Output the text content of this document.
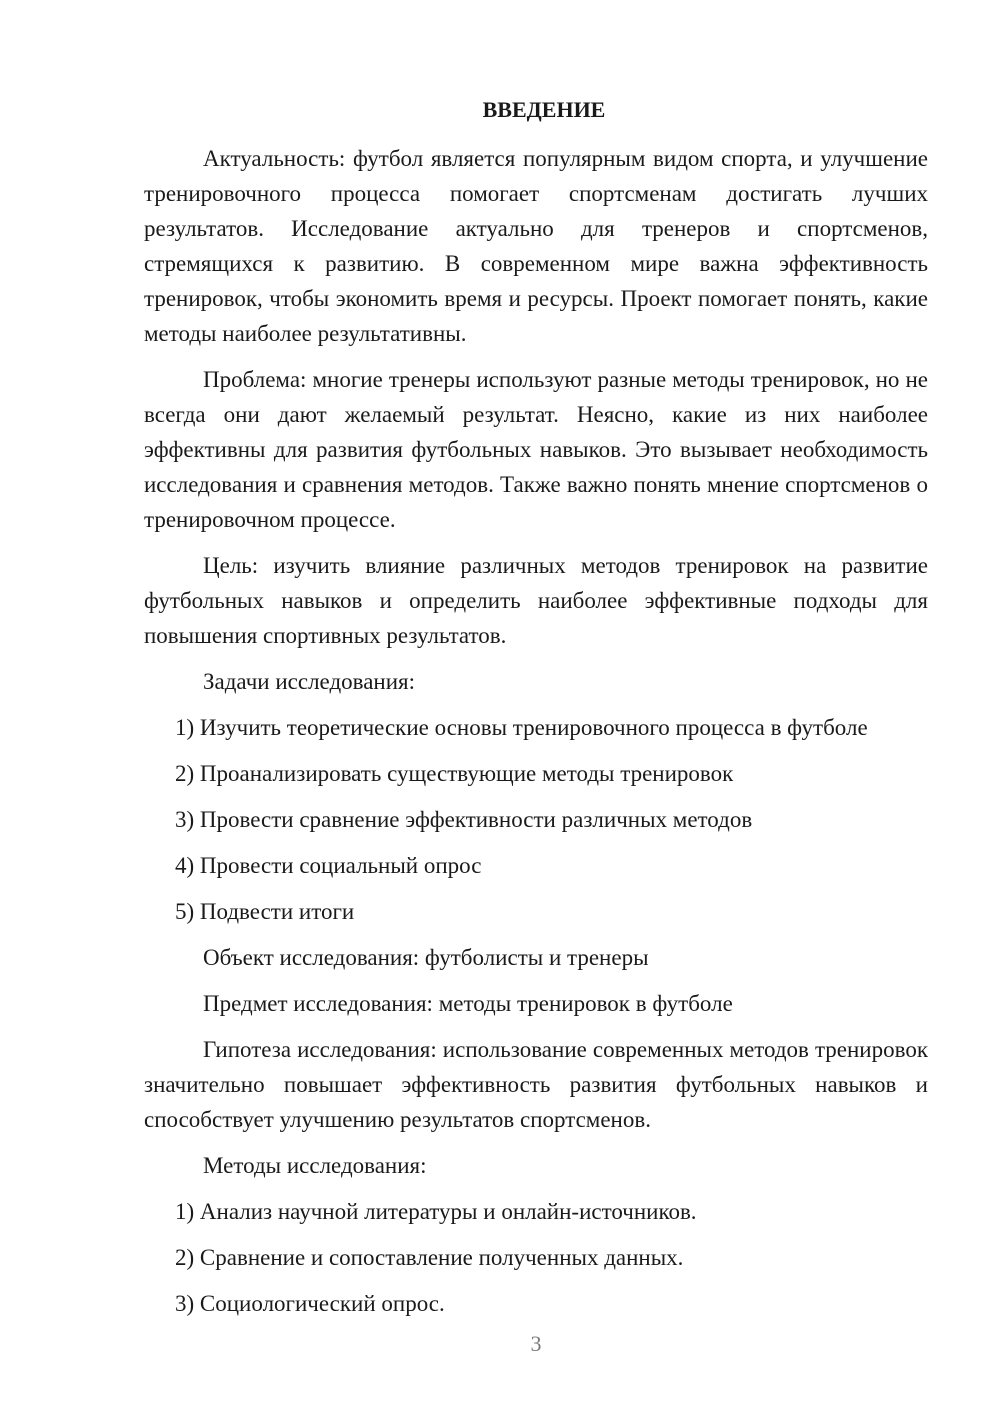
ВВЕДЕНИЕ

Актуальность: футбол является популярным видом спорта, и улучшение тренировочного процесса помогает спортсменам достигать лучших результатов. Исследование актуально для тренеров и спортсменов, стремящихся к развитию. В современном мире важна эффективность тренировок, чтобы экономить время и ресурсы. Проект помогает понять, какие методы наиболее результативны.

Проблема: многие тренеры используют разные методы тренировок, но не всегда они дают желаемый результат. Неясно, какие из них наиболее эффективны для развития футбольных навыков. Это вызывает необходимость исследования и сравнения методов. Также важно понять мнение спортсменов о тренировочном процессе.

Цель: изучить влияние различных методов тренировок на развитие футбольных навыков и определить наиболее эффективные подходы для повышения спортивных результатов.

Задачи исследования:
1) Изучить теоретические основы тренировочного процесса в футболе
2) Проанализировать существующие методы тренировок
3) Провести сравнение эффективности различных методов
4) Провести социальный опрос
5) Подвести итоги
Объект исследования: футболисты и тренеры
Предмет исследования: методы тренировок в футболе

Гипотеза исследования: использование современных методов тренировок значительно повышает эффективность развития футбольных навыков и способствует улучшению результатов спортсменов.

Методы исследования:
1) Анализ научной литературы и онлайн-источников.
2) Сравнение и сопоставление полученных данных.
3) Социологический опрос.
3
